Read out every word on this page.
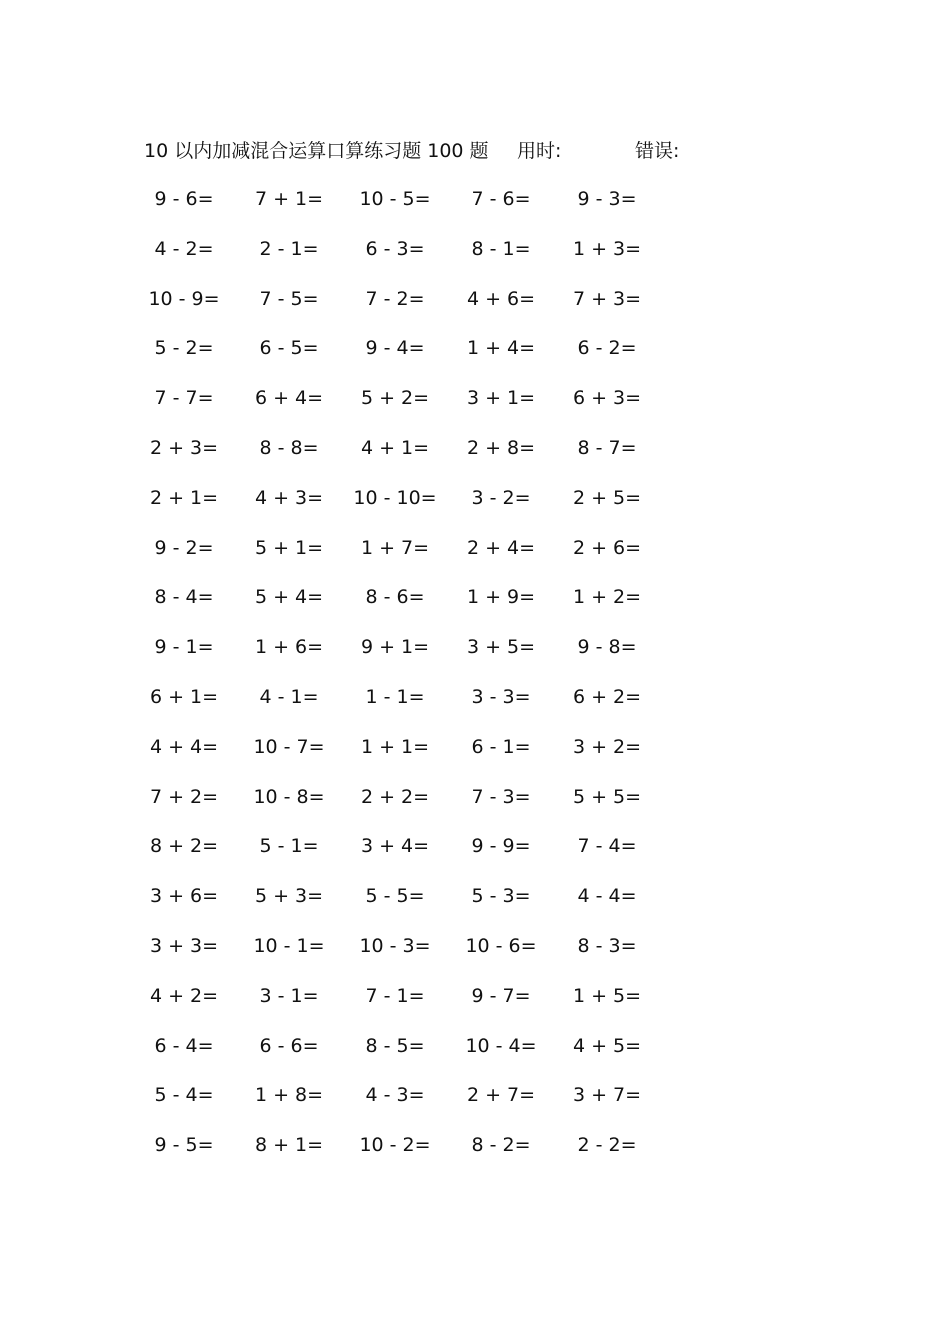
10 以内加减混合运算口算练习题 100 题 用时:	错误:
9 - 6= 7 + 1= 10 - 5= 7 - 6= 9 - 3=
4 - 2= 2 - 1= 6 - 3= 8 - 1= 1 + 3=
10 - 9= 7 - 5= 7 - 2= 4 + 6= 7 + 3=
5 - 2= 6 - 5= 9 - 4= 1 + 4= 6 - 2=
7 - 7= 6 + 4= 5 + 2= 3 + 1= 6 + 3=
2 + 3= 8 - 8= 4 + 1= 2 + 8= 8 - 7=
2 + 1= 4 + 3= 10 - 10= 3 - 2= 2 + 5=
9 - 2= 5 + 1= 1 + 7= 2 + 4= 2 + 6=
8 - 4= 5 + 4= 8 - 6= 1 + 9= 1 + 2=
9 - 1= 1 + 6= 9 + 1= 3 + 5= 9 - 8=
6 + 1= 4 - 1= 1 - 1= 3 - 3= 6 + 2=
4 + 4= 10 - 7= 1 + 1= 6 - 1= 3 + 2=
7 + 2= 10 - 8= 2 + 2= 7 - 3= 5 + 5=
8 + 2= 5 - 1= 3 + 4= 9 - 9= 7 - 4=
3 + 6= 5 + 3= 5 - 5= 5 - 3= 4 - 4=
3 + 3= 10 - 1= 10 - 3= 10 - 6= 8 - 3=
4 + 2= 3 - 1= 7 - 1= 9 - 7= 1 + 5=
6 - 4= 6 - 6= 8 - 5= 10 - 4= 4 + 5=
5 - 4= 1 + 8= 4 - 3= 2 + 7= 3 + 7=
9 - 5= 8 + 1= 10 - 2= 8 - 2= 2 - 2=
